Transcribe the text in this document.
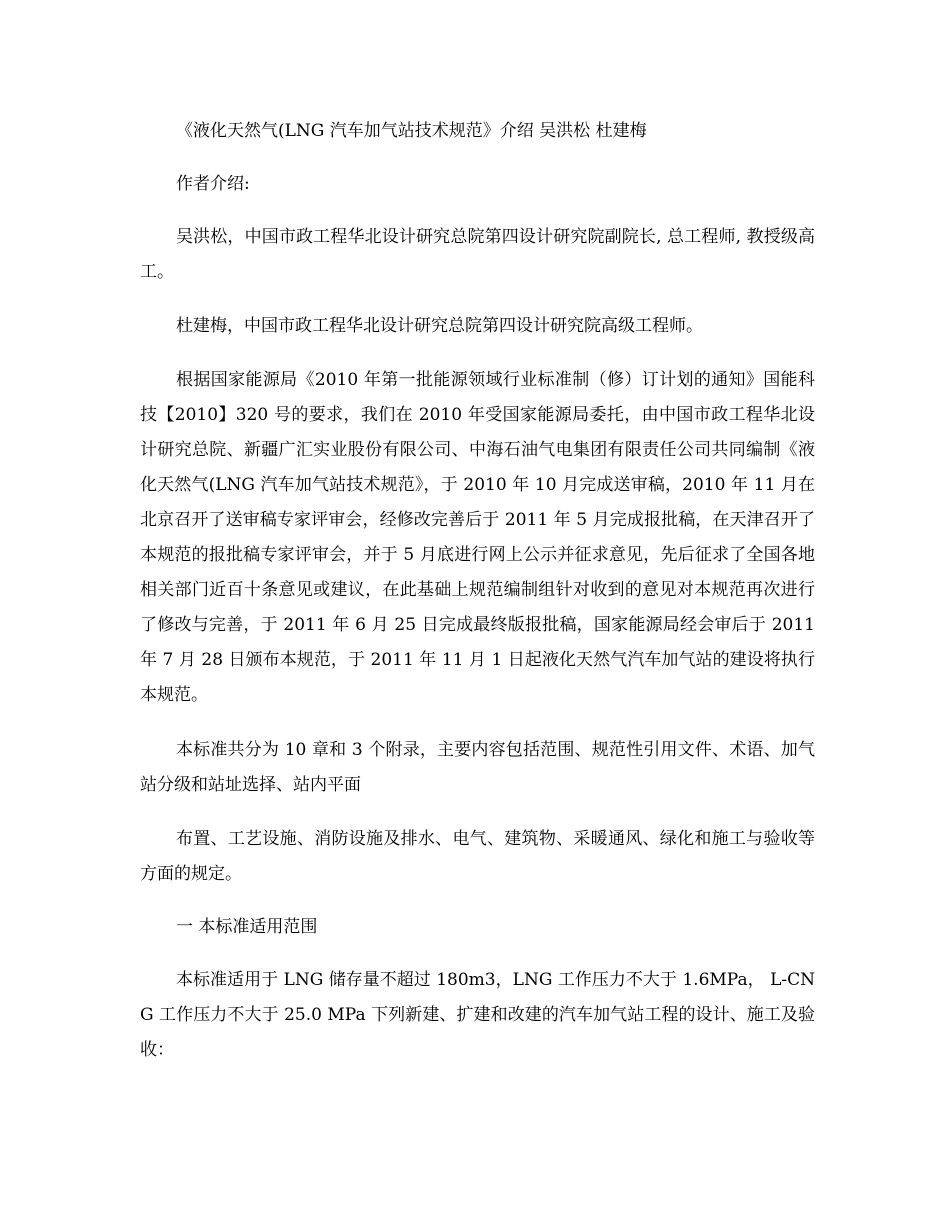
《液化天然气(LNG 汽车加气站技术规范》介绍 吴洪松 杜建梅

作者介绍:

吴洪松，中国市政工程华北设计研究总院第四设计研究院副院长, 总工程师, 教授级高工。

杜建梅，中国市政工程华北设计研究总院第四设计研究院高级工程师。

根据国家能源局《2010 年第一批能源领域行业标准制（修）订计划的通知》国能科技【2010】320 号的要求，我们在 2010 年受国家能源局委托，由中国市政工程华北设计研究总院、新疆广汇实业股份有限公司、中海石油气电集团有限责任公司共同编制《液化天然气(LNG 汽车加气站技术规范》，于 2010 年 10 月完成送审稿，2010 年 11 月在北京召开了送审稿专家评审会，经修改完善后于 2011 年 5 月完成报批稿，在天津召开了本规范的报批稿专家评审会，并于 5 月底进行网上公示并征求意见，先后征求了全国各地相关部门近百十条意见或建议，在此基础上规范编制组针对收到的意见对本规范再次进行了修改与完善，于 2011 年 6 月 25 日完成最终版报批稿，国家能源局经会审后于 2011 年 7 月 28 日颁布本规范，于 2011 年 11 月 1 日起液化天然气汽车加气站的建设将执行本规范。

本标准共分为 10 章和 3 个附录，主要内容包括范围、规范性引用文件、术语、加气站分级和站址选择、站内平面

布置、工艺设施、消防设施及排水、电气、建筑物、采暖通风、绿化和施工与验收等方面的规定。

一 本标准适用范围

本标准适用于 LNG 储存量不超过 180m3，LNG 工作压力不大于 1.6MPa， L-CNG 工作压力不大于 25.0 MPa 下列新建、扩建和改建的汽车加气站工程的设计、施工及验收：
